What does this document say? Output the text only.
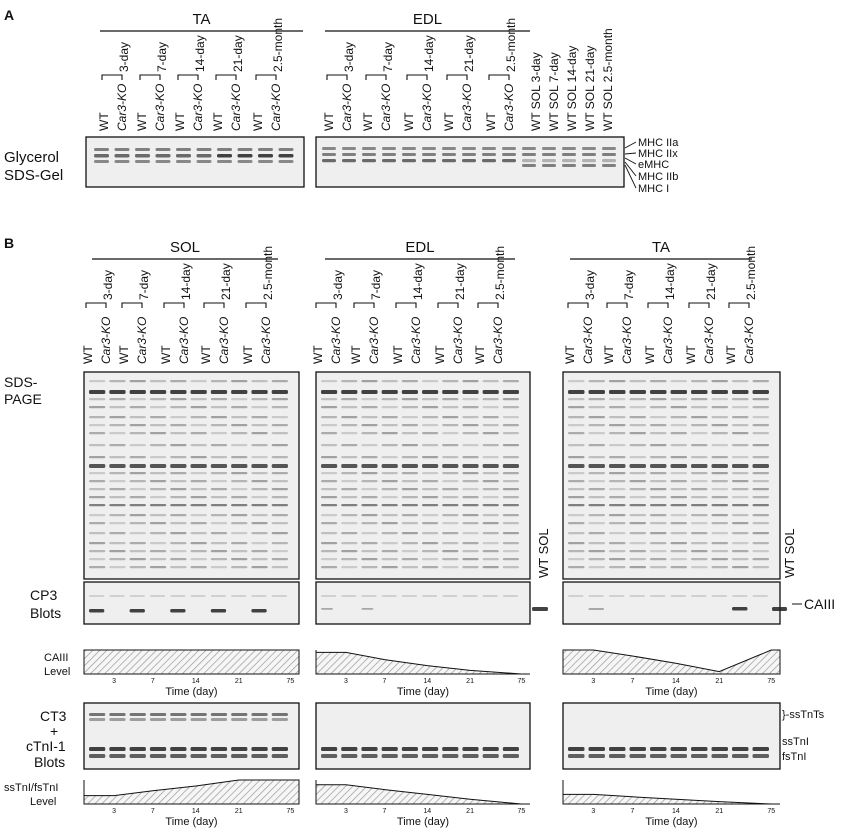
A	TA
WT Car3-KO
3-day
WT Car3-KO
7-day
WT Car3-KO
14-day
WT Car3-KO
21-day
WT Car3-KO
2.5-month	EDL
WT Car3-KO
3-day
WT Car3-KO
7-day
WT Car3-KO
14-day
WT Car3-KO
21-day
WT Car3-KO
2.5-month
WT SOL 3-day WT SOL 7-day WT SOL 14-day WT SOL 21-day WT SOL 2.5-month
Glycerol
SDS-Gel
MHC IIa
MHC IIx
eMHC
MHC IIb
MHC I
B	SOL
WT Car3-KO
3-day
WT Car3-KO
7-day
WT Car3-KO
14-day
WT Car3-KO
21-day
WT Car3-KO
2.5-month
3	7	14	21	75
Time (day)
3	7	14	21	75
Time (day)
EDL
WT Car3-KO
3-day
WT Car3-KO
7-day
WT Car3-KO
14-day
WT Car3-KO
21-day
WT Car3-KO
2.5-month
3	7	14	21	75
Time (day)
3	7	14	21	75
Time (day)
TA
WT Car3-KO
3-day
WT Car3-KO
7-day
WT Car3-KO
14-day
WT Car3-KO
21-day
WT Car3-KO
2.5-month
3	7	14	21	75
Time (day)
3	7	14	21	75
Time (day)
SDS-
PAGE
WT SOL	WT SOL
CP3
Blots
CAIII
CAIII
Level
CT3
+
cTnI-1
Blots
}-ssTnTs
ssTnI
fsTnI
ssTnI/fsTnI
Level
